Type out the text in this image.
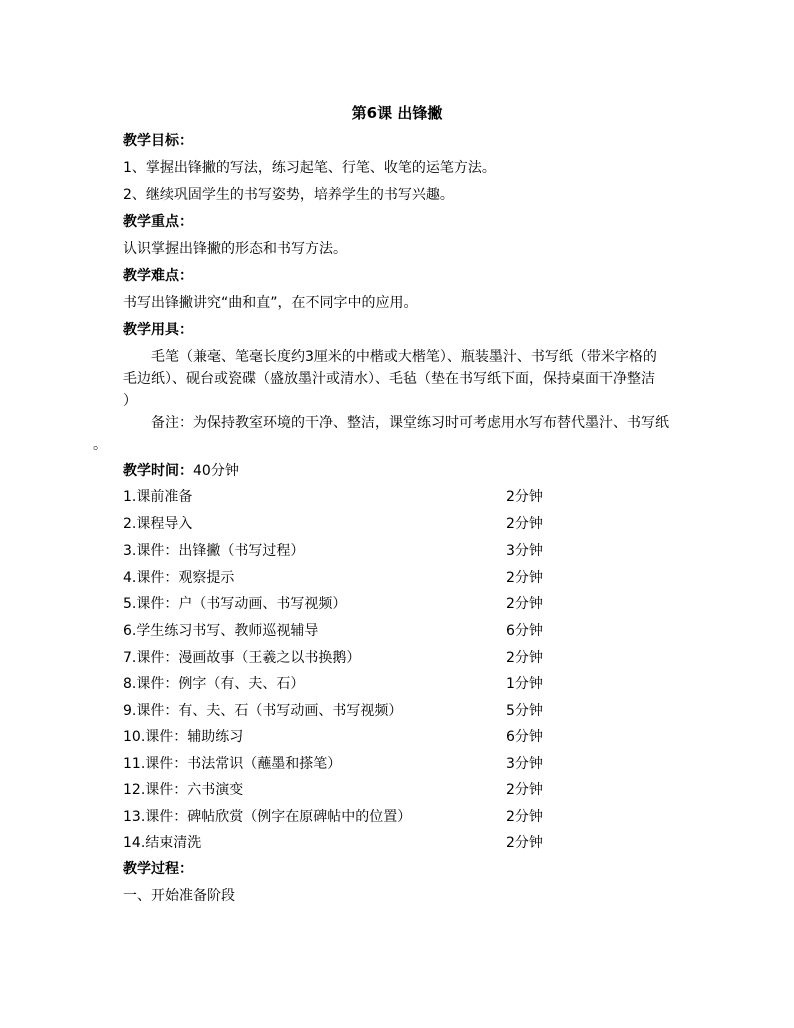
第6课 出锋撇
教学目标：
1、掌握出锋撇的写法，练习起笔、行笔、收笔的运笔方法。
2、继续巩固学生的书写姿势，培养学生的书写兴趣。
教学重点：
认识掌握出锋撇的形态和书写方法。
教学难点：
书写出锋撇讲究“曲和直”，在不同字中的应用。
教学用具：
毛笔（兼毫、笔毫长度约3厘米的中楷或大楷笔）、瓶装墨汁、书写纸（带米字格的
毛边纸）、砚台或瓷碟（盛放墨汁或清水）、毛毡（垫在书写纸下面，保持桌面干净整洁
）
备注：为保持教室环境的干净、整洁，课堂练习时可考虑用水写布替代墨汁、书写纸
。
教学时间：40分钟
1.课前准备	2分钟
2.课程导入	2分钟
3.课件：出锋撇（书写过程）	3分钟
4.课件：观察提示	2分钟
5.课件：户（书写动画、书写视频）	2分钟
6.学生练习书写、教师巡视辅导	6分钟
7.课件：漫画故事（王羲之以书换鹅）	2分钟
8.课件：例字（有、夫、石）	1分钟
9.课件：有、夫、石（书写动画、书写视频）	5分钟
10.课件：辅助练习	6分钟
11.课件：书法常识（蘸墨和搽笔）	3分钟
12.课件：六书演变	2分钟
13.课件：碑帖欣赏（例字在原碑帖中的位置）	2分钟
14.结束清洗	2分钟
教学过程：
一、开始准备阶段
